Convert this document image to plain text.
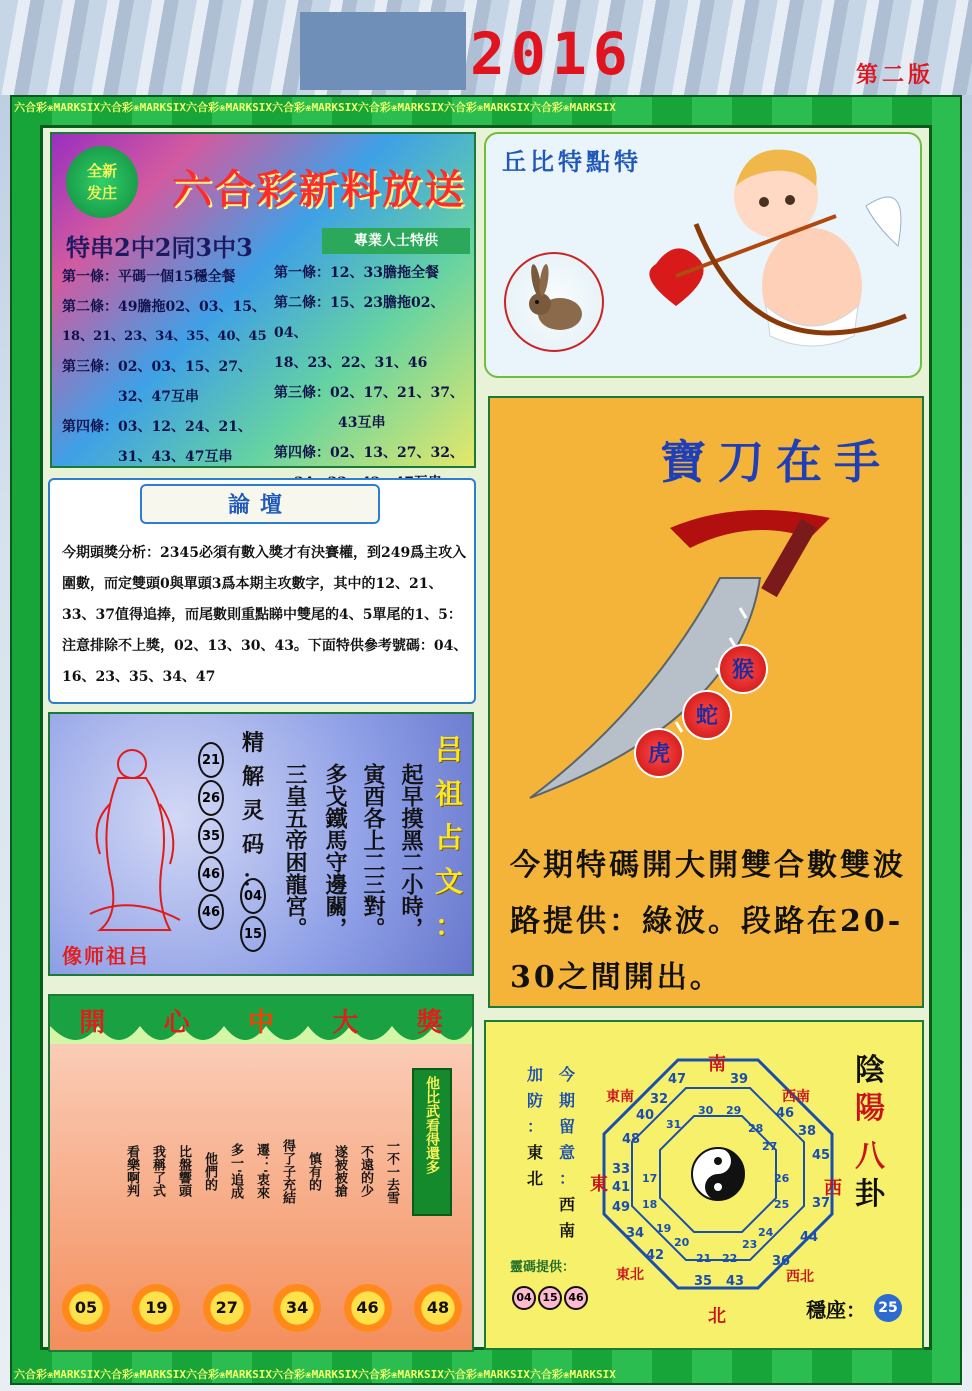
2016	第二版
六合彩❀MARKSIX六合彩❀MARKSIX六合彩❀MARKSIX六合彩❀MARKSIX六合彩❀MARKSIX六合彩❀MARKSIX六合彩❀MARKSIX
六合彩❀MARKSIX六合彩❀MARKSIX六合彩❀MARKSIX六合彩❀MARKSIX六合彩❀MARKSIX六合彩❀MARKSIX六合彩❀MARKSIX
全新
发庄	六合彩新料放送
特串2中2同3中3	專業人士特供
第一條：平碼一個15穩全餐
第二條：49膽拖02、03、15、
18、21、23、34、35、40、45
第三條：02、03、15、27、
32、47互串
第四條：03、12、24、21、
31、43、47互串
第一條：12、33膽拖全餐
第二條：15、23膽拖02、04、
18、23、22、31、46
第三條：02、17、21、37、
43互串
第四條：02、13、27、32、
丘比特點特
論壇
今期頭獎分析：2345必須有數入獎才有決賽權，到249爲主攻入圍數，而定雙頭0與單頭3爲本期主攻數字，其中的12、21、33、37值得追捧，而尾數則重點睇中雙尾的4、5單尾的1、5：注意排除不上獎，02、13、30、43。下面特供參考號碼：04、16、23、35、34、47
像师祖吕
21
26
35
46
46
04
15
精
解
灵
码
： 三皇五帝困龍宮。 多戈鐵馬守邊關， 寅酉各上二三對。 起早摸黑二小時，
吕
祖
占
文
：
寶刀在手
猴
蛇
虎
今期特碼開大開雙合數雙波路提供：綠波。段路在20-30之間開出。
開 心 中 大 獎
一不一去雪
不遠的少
遂被被搶
慎有的
得了子充結
遷：'衷來
多一'追成
他們的
比盤響頭
我稱了式
看樂啊判	他比武看得還多
05	19	27	34	46	48
加
防
：
東
北
今
期
留
意
：
西
南
南
北
東	西
東南	西南
東北	西北
47	39
46
38
45
37
44
36
43
35
42
34
49
41
33
48
40
32
30 29
28
27
26
25
24
23
22
21
20
19
18
17
31
陰
陽
八
卦
靈碼提供：
04 15 46
穩座： 25
